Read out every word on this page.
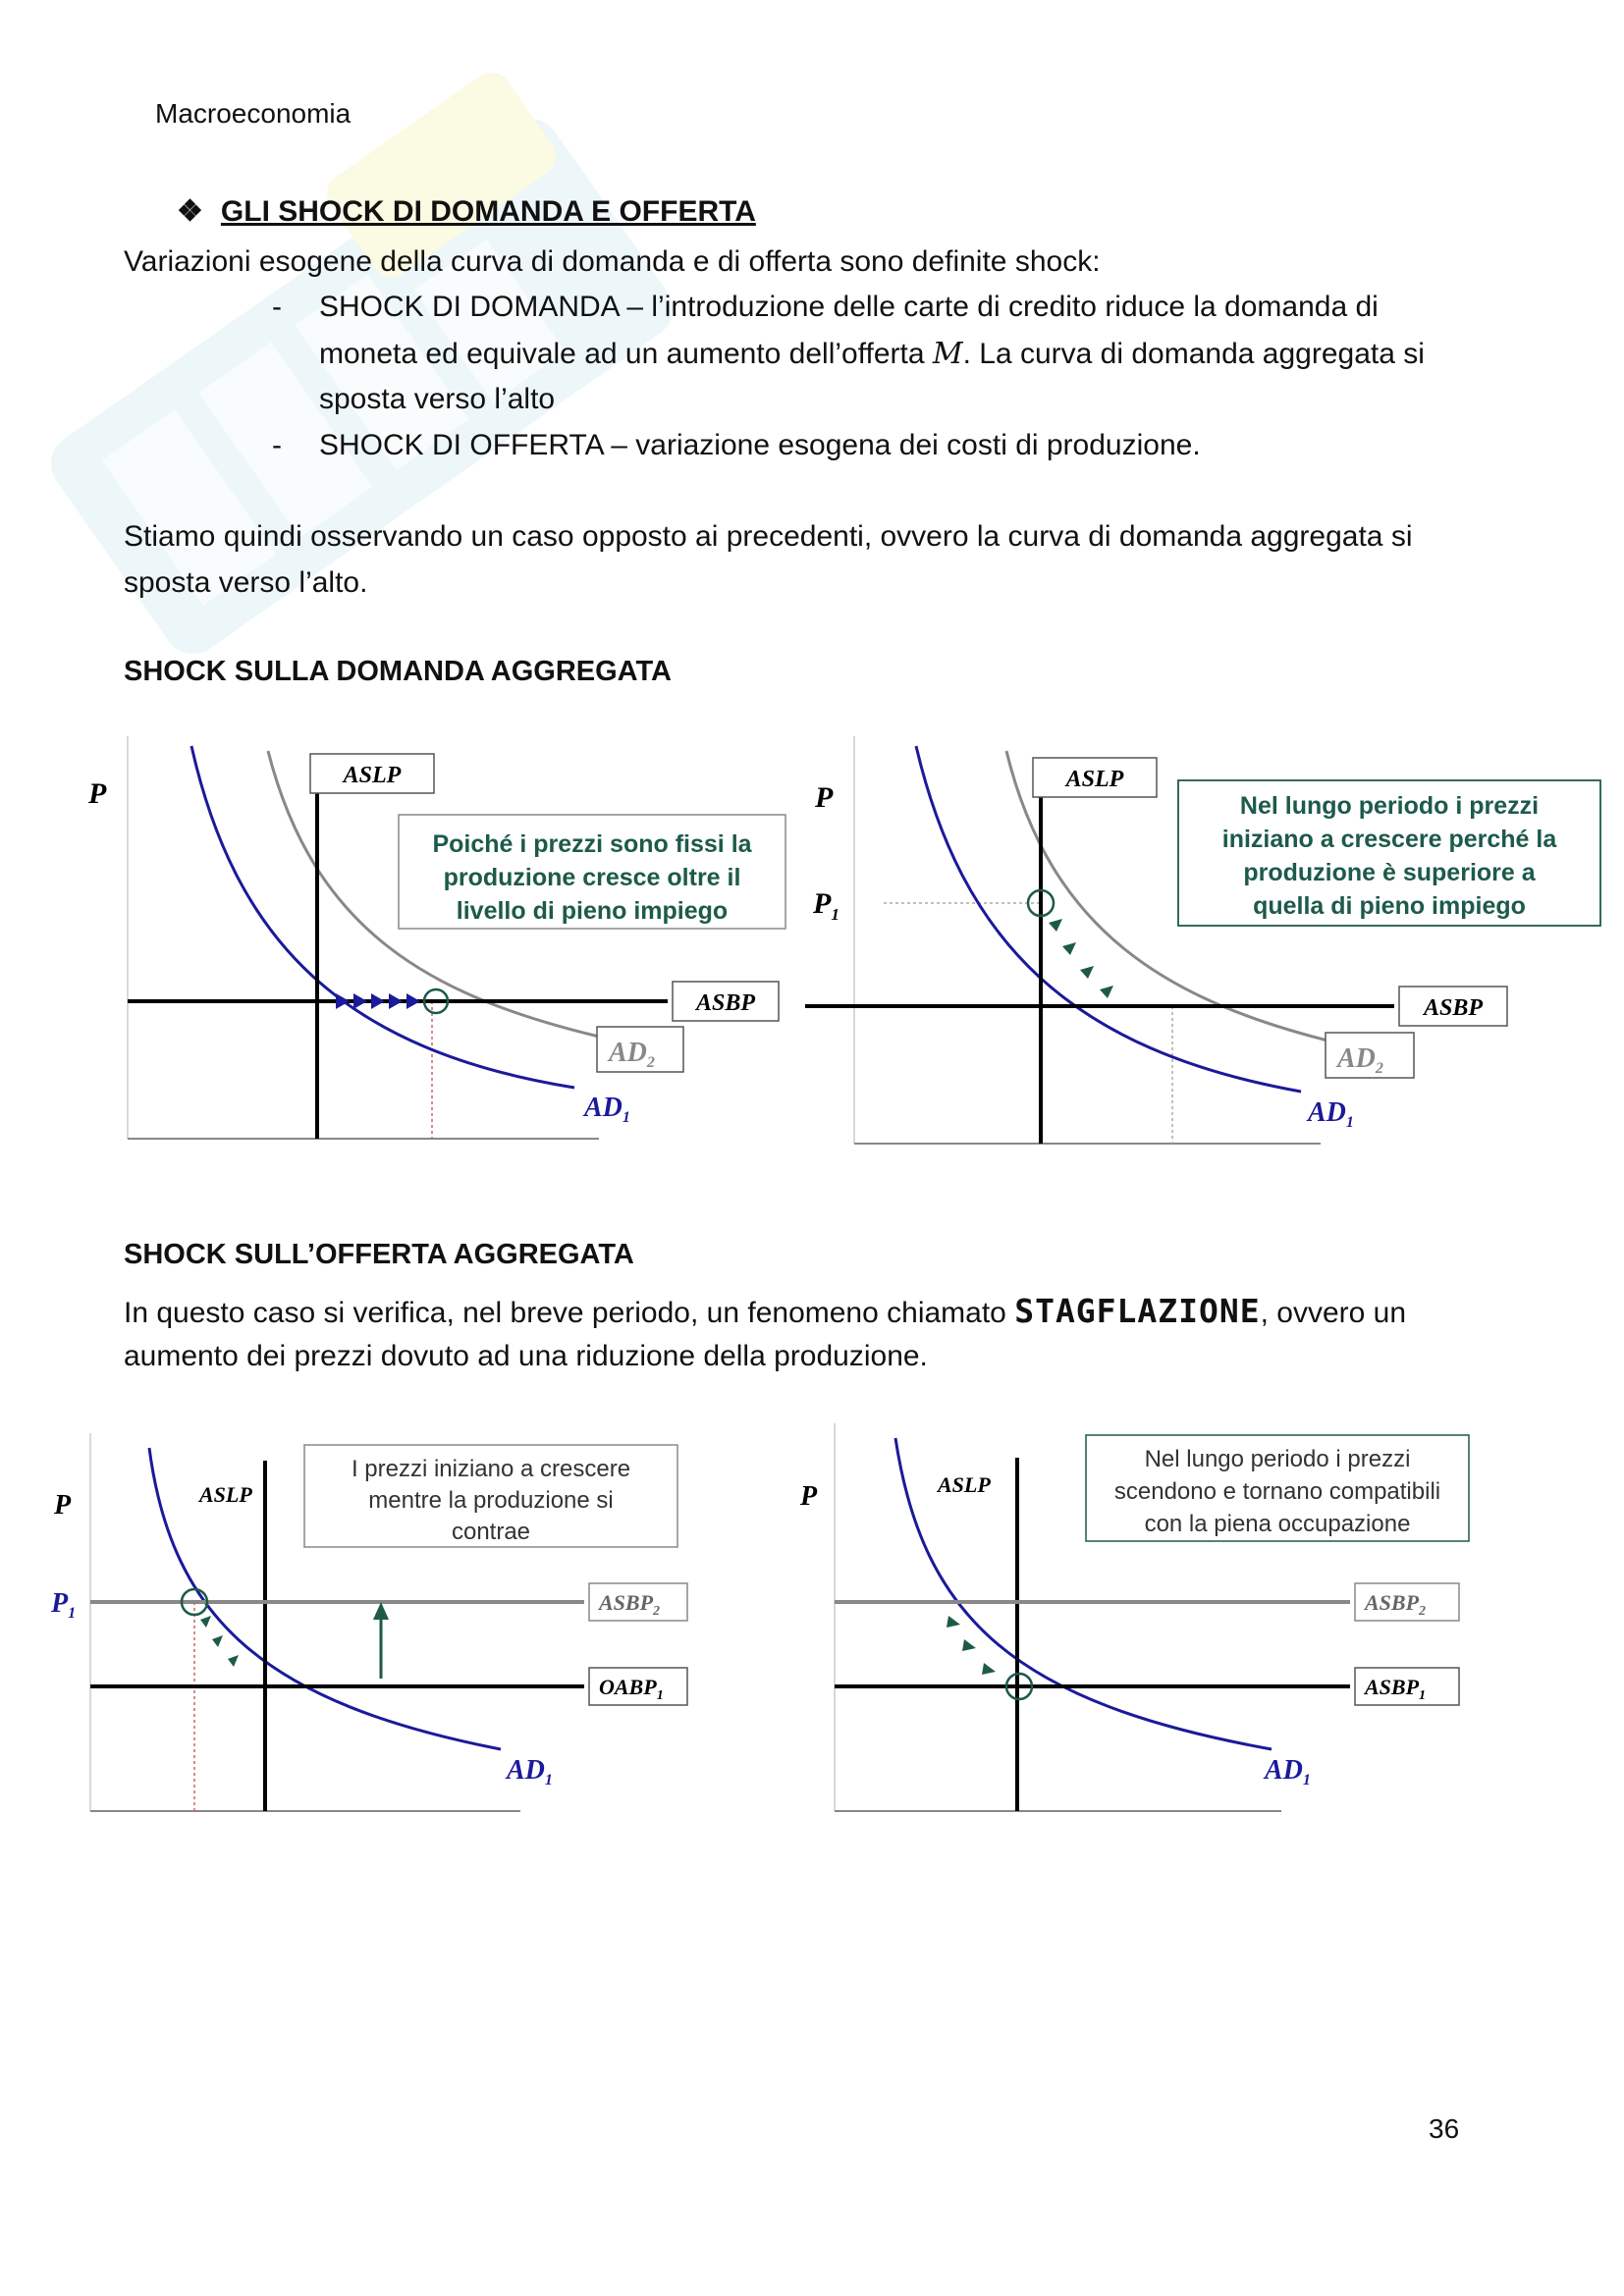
Macroeconomia
❖ GLI SHOCK DI DOMANDA E OFFERTA
Variazioni esogene della curva di domanda e di offerta sono definite shock:
- SHOCK DI DOMANDA – l’introduzione delle carte di credito riduce la domanda di
moneta ed equivale ad un aumento dell’offerta M. La curva di domanda aggregata si
sposta verso l’alto
- SHOCK DI OFFERTA – variazione esogena dei costi di produzione.
Stiamo quindi osservando un caso opposto ai precedenti, ovvero la curva di domanda aggregata si
sposta verso l’alto.
SHOCK SULLA DOMANDA AGGREGATA
P
ASLP
ASBP
$AD_2$
$AD_1$
Poiché i prezzi sono fissi la
produzione cresce oltre il
livello di pieno impiego
P
$P_1$
ASLP
ASBP
$AD_2$
$AD_1$
Nel lungo periodo i prezzi
iniziano a crescere perché la
produzione è superiore a
quella di pieno impiego
SHOCK SULL’OFFERTA AGGREGATA
In questo caso si verifica, nel breve periodo, un fenomeno chiamato STAGFLAZIONE, ovvero un
aumento dei prezzi dovuto ad una riduzione della produzione.
P
$P_1$
ASLP
$ASBP_2$
$OABP_1$
$AD_1$
I prezzi iniziano a crescere
mentre la produzione si
contrae
P	ASLP
$ASBP_2$
$ASBP_1$
$AD_1$
Nel lungo periodo i prezzi
scendono e tornano compatibili
con la piena occupazione
36
